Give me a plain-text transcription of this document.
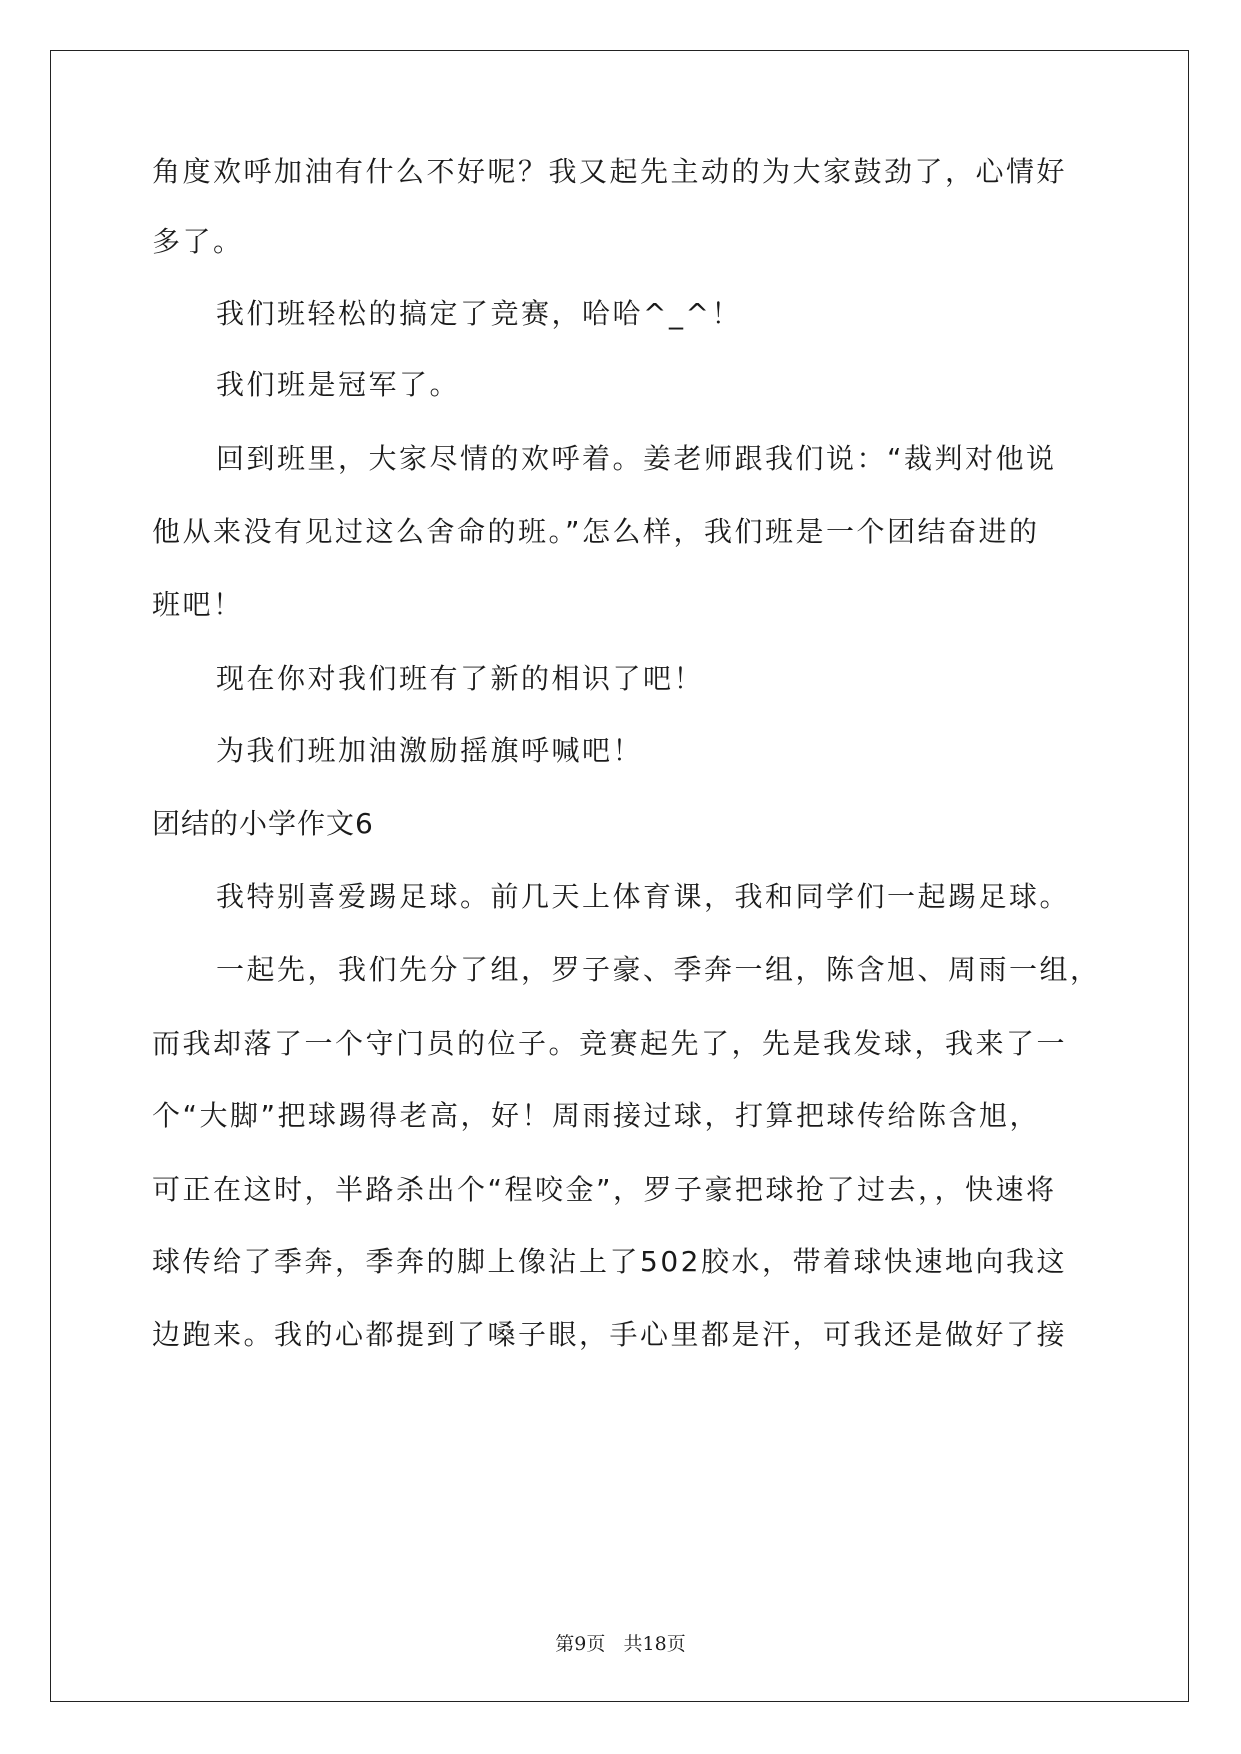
角度欢呼加油有什么不好呢？我又起先主动的为大家鼓劲了，心情好
多了。
我们班轻松的搞定了竞赛，哈哈^_^！
我们班是冠军了。
回到班里，大家尽情的欢呼着。姜老师跟我们说：“裁判对他说
他从来没有见过这么舍命的班。”怎么样，我们班是一个团结奋进的
班吧！
现在你对我们班有了新的相识了吧！
为我们班加油激励摇旗呼喊吧！
团结的小学作文6
我特别喜爱踢足球。前几天上体育课，我和同学们一起踢足球。
一起先，我们先分了组，罗子豪、季奔一组，陈含旭、周雨一组，
而我却落了一个守门员的位子。竞赛起先了，先是我发球，我来了一
个“大脚”把球踢得老高，好！周雨接过球，打算把球传给陈含旭，
可正在这时，半路杀出个“程咬金”，罗子豪把球抢了过去，，快速将
球传给了季奔，季奔的脚上像沾上了502胶水，带着球快速地向我这
边跑来。我的心都提到了嗓子眼，手心里都是汗，可我还是做好了接
第9页 共18页
